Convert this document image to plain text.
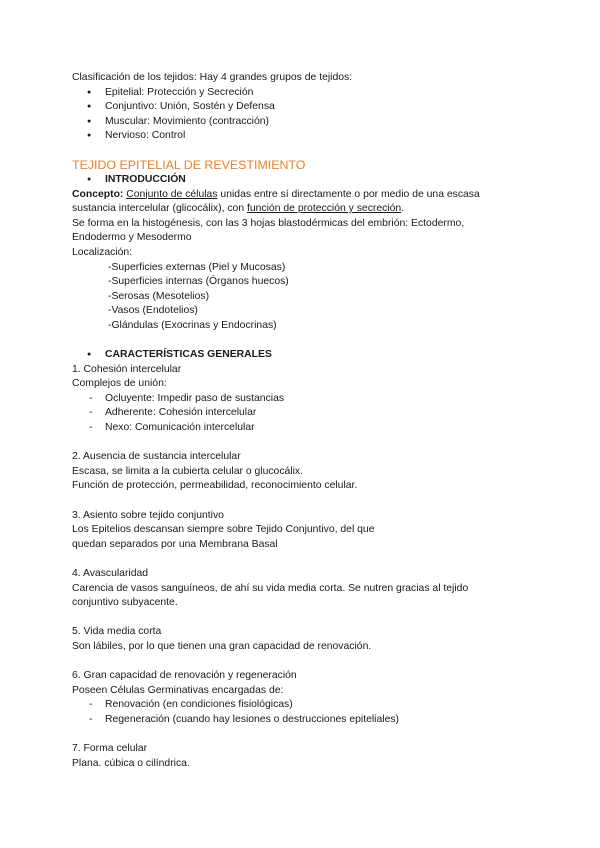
Clasificación de los tejidos: Hay 4 grandes grupos de tejidos:
● Epitelial: Protección y Secreción
● Conjuntivo: Unión, Sostén y Defensa
● Muscular: Movimiento (contracción)
● Nervioso: Control
TEJIDO EPITELIAL DE REVESTIMIENTO
● INTRODUCCIÓN
Concepto: Conjunto de células unidas entre sí directamente o por medio de una escasa
sustancia intercelular (glicocálix), con función de protección y secreción.
Se forma en la histogénesis, con las 3 hojas blastodérmicas del embrión: Ectodermo,
Endodermo y Mesodermo
Localización:
-Superficies externas (Piel y Mucosas)
-Superficies internas (Órganos huecos)
-Serosas (Mesotelios)
-Vasos (Endotelios)
-Glándulas (Exocrinas y Endocrinas)
● CARACTERÍSTICAS GENERALES
1. Cohesión intercelular
Complejos de unión:
- Ocluyente: Impedir paso de sustancias
- Adherente: Cohesión intercelular
- Nexo: Comunicación intercelular
2. Ausencia de sustancia intercelular
Escasa, se limita a la cubierta celular o glucocálix.
Función de protección, permeabilidad, reconocimiento celular.
3. Asiento sobre tejido conjuntivo
Los Epitelios descansan siempre sobre Tejido Conjuntivo, del que
quedan separados por una Membrana Basal
4. Avascularidad
Carencia de vasos sanguíneos, de ahí su vida media corta. Se nutren gracias al tejido
conjuntivo subyacente.
5. Vida media corta
Son lábiles, por lo que tienen una gran capacidad de renovación.
6. Gran capacidad de renovación y regeneración
Poseen Células Germinativas encargadas de:
- Renovación (en condiciones fisiológicas)
- Regeneración (cuando hay lesiones o destrucciones epiteliales)
7. Forma celular
Plana. cúbica o cilíndrica.
